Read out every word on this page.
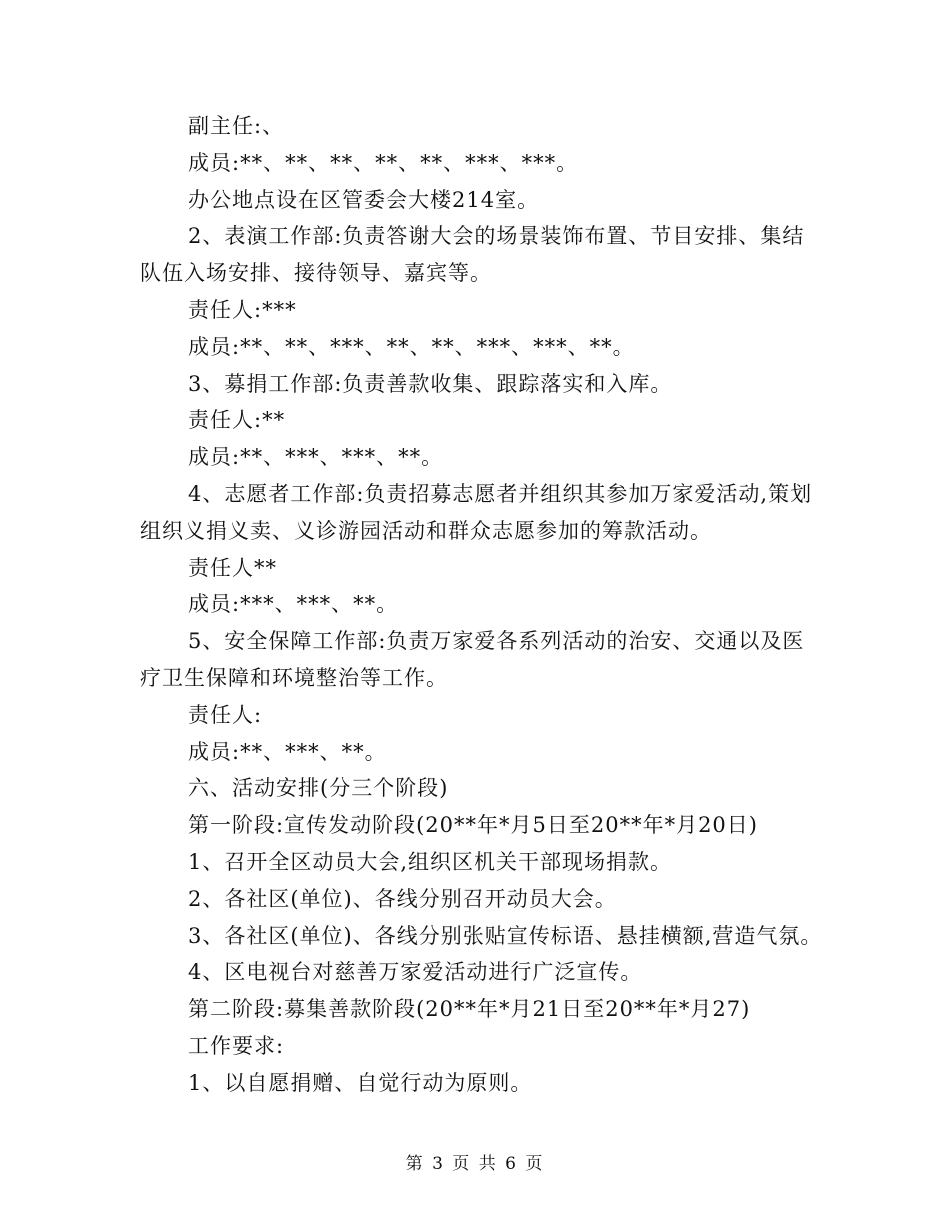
副主任:、
成员:**、**、**、**、**、***、***。
办公地点设在区管委会大楼214室。
2、表演工作部:负责答谢大会的场景装饰布置、节目安排、集结
队伍入场安排、接待领导、嘉宾等。
责任人:***
成员:**、**、***、**、**、***、***、**。
3、募捐工作部:负责善款收集、跟踪落实和入库。
责任人:**
成员:**、***、***、**。
4、志愿者工作部:负责招募志愿者并组织其参加万家爱活动,策划
组织义捐义卖、义诊游园活动和群众志愿参加的筹款活动。
责任人**
成员:***、***、**。
5、安全保障工作部:负责万家爱各系列活动的治安、交通以及医
疗卫生保障和环境整治等工作。
责任人:
成员:**、***、**。
六、活动安排(分三个阶段)
第一阶段:宣传发动阶段(20**年*月5日至20**年*月20日)
1、召开全区动员大会,组织区机关干部现场捐款。
2、各社区(单位)、各线分别召开动员大会。
3、各社区(单位)、各线分别张贴宣传标语、悬挂横额,营造气氛。
4、区电视台对慈善万家爱活动进行广泛宣传。
第二阶段:募集善款阶段(20**年*月21日至20**年*月27)
工作要求:
1、以自愿捐赠、自觉行动为原则。
第 3 页 共 6 页
